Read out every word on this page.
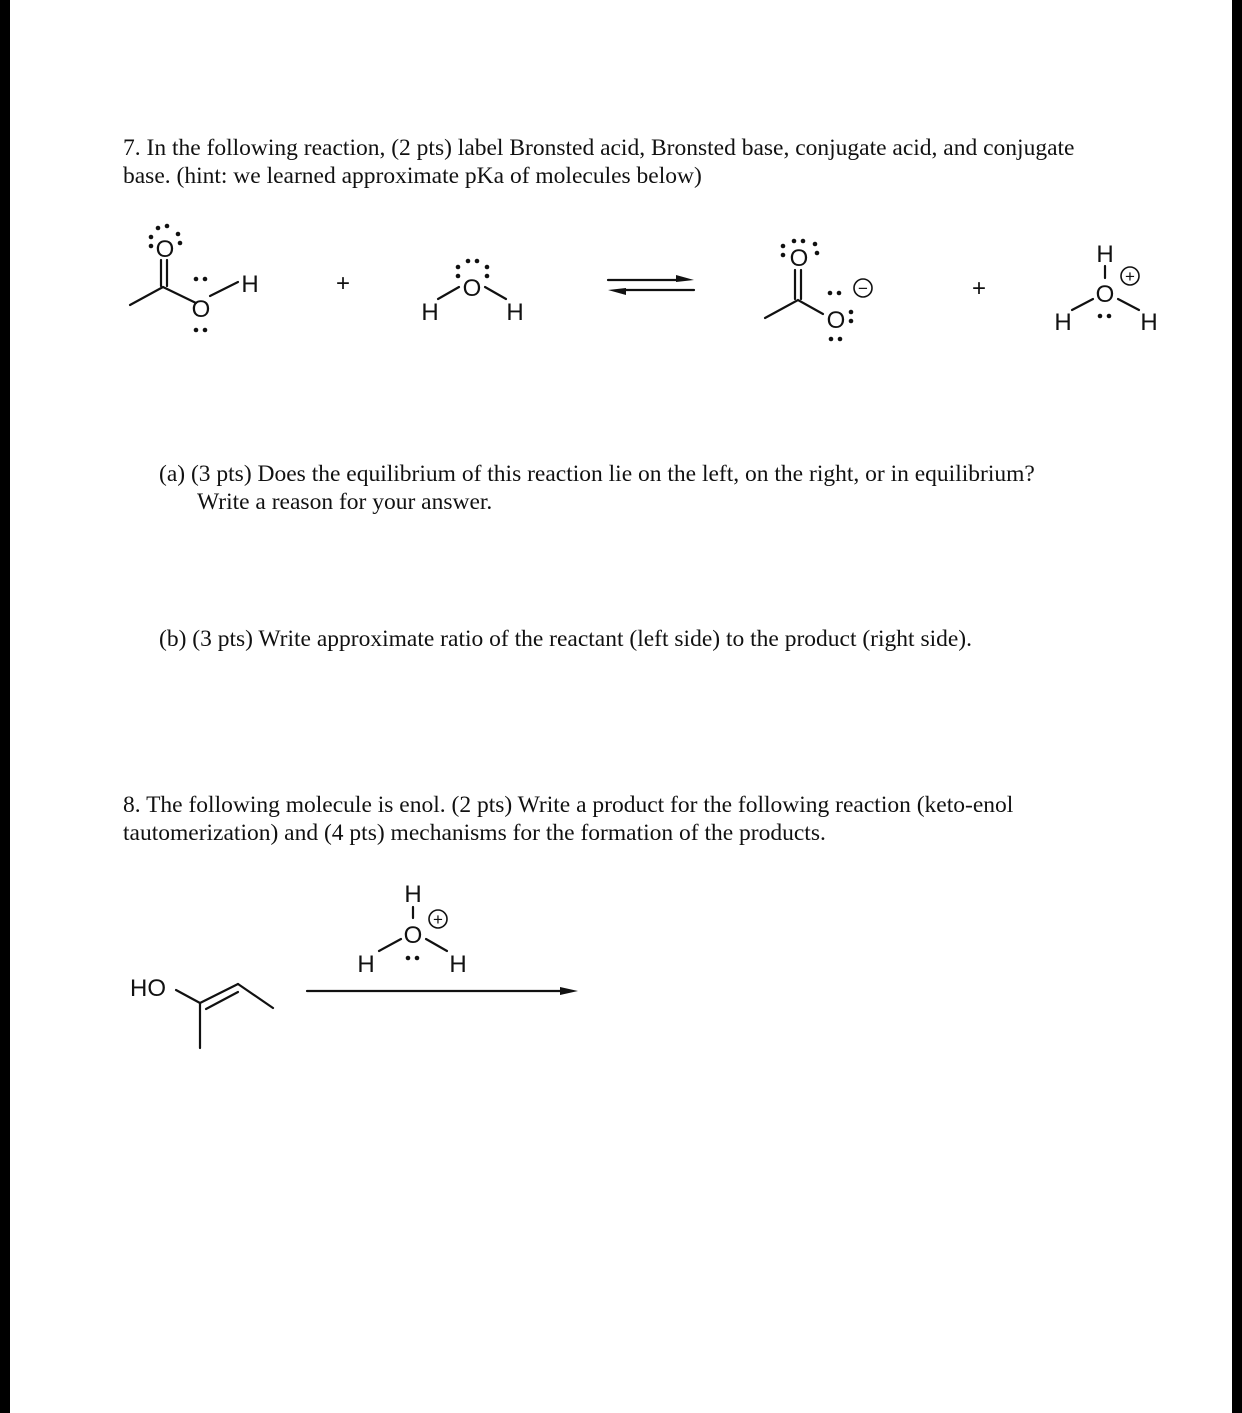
7. In the following reaction, (2 pts) label Bronsted acid, Bronsted base, conjugate acid, and conjugate

base. (hint: we learned approximate pKa of molecules below)

O
O
H	+	O
H	H
O
O
−	+
H
O
H	H
+

(a) (3 pts) Does the equilibrium of this reaction lie on the left, on the right, or in equilibrium?

Write a reason for your answer.

(b) (3 pts) Write approximate ratio of the reactant (left side) to the product (right side).

8. The following molecule is enol. (2 pts) Write a product for the following reaction (keto-enol

tautomerization) and (4 pts) mechanisms for the formation of the products.

HO
H
O
H	H
+
